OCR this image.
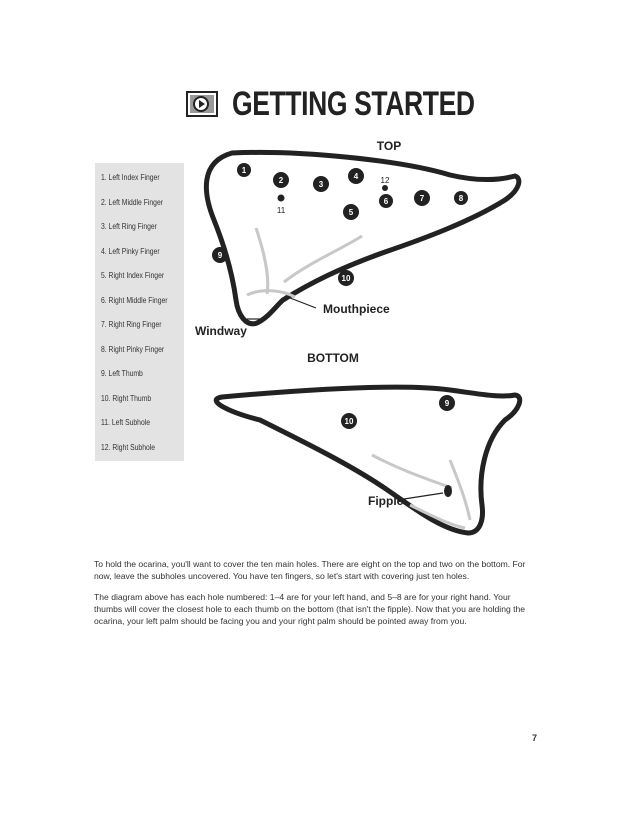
GETTING STARTED
1. Left Index Finger
2. Left Middle Finger
3. Left Ring Finger
4. Left Pinky Finger
5. Right Index Finger
6. Right Middle Finger
7. Right Ring Finger
8. Right Pinky Finger
9. Left Thumb
10. Right Thumb
11. Left Subhole
12. Right Subhole
TOP
1
2	3
4
5
6	7	8
9
10
11
12
Mouthpiece
Windway
BOTTOM
9
10
Fipple
To hold the ocarina, you'll want to cover the ten main holes. There are eight on the top and two on the bottom. For now, leave the subholes uncovered. You have ten fingers, so let's start with covering just ten holes.
The diagram above has each hole numbered: 1–4 are for your left hand, and 5–8 are for your right hand. Your thumbs will cover the closest hole to each thumb on the bottom (that isn't the fipple). Now that you are holding the ocarina, your left palm should be facing you and your right palm should be pointed away from you.
7
